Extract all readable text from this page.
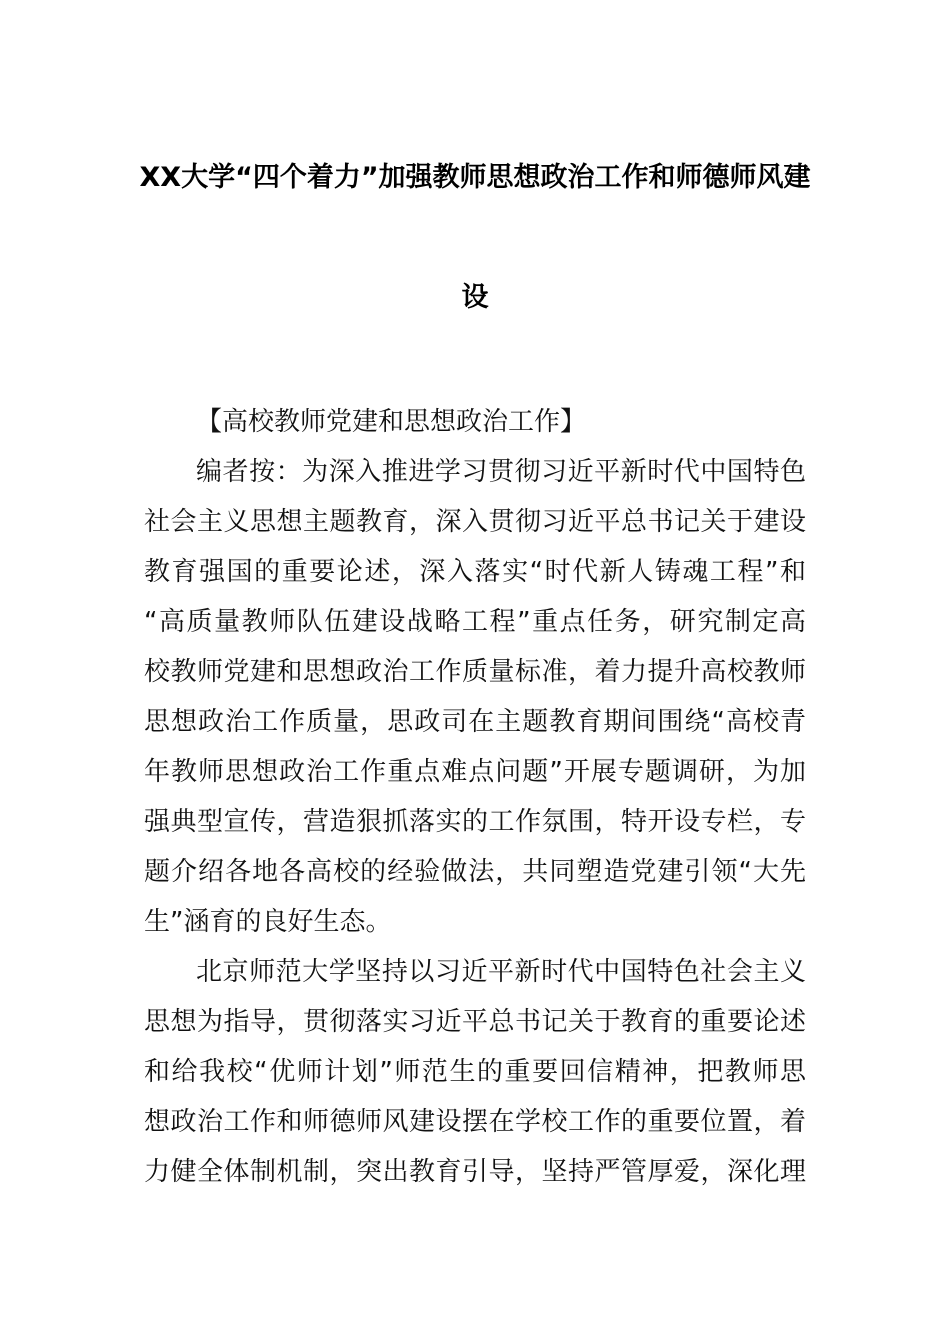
XX大学“四个着力”加强教师思想政治工作和师德师风建
设
【高校教师党建和思想政治工作】
编者按：为深入推进学习贯彻习近平新时代中国特色
社会主义思想主题教育，深入贯彻习近平总书记关于建设
教育强国的重要论述，深入落实“时代新人铸魂工程”和
“高质量教师队伍建设战略工程”重点任务，研究制定高
校教师党建和思想政治工作质量标准，着力提升高校教师
思想政治工作质量，思政司在主题教育期间围绕“高校青
年教师思想政治工作重点难点问题”开展专题调研，为加
强典型宣传，营造狠抓落实的工作氛围，特开设专栏，专
题介绍各地各高校的经验做法，共同塑造党建引领“大先
生”涵育的良好生态。
北京师范大学坚持以习近平新时代中国特色社会主义
思想为指导，贯彻落实习近平总书记关于教育的重要论述
和给我校“优师计划”师范生的重要回信精神，把教师思
想政治工作和师德师风建设摆在学校工作的重要位置，着
力健全体制机制，突出教育引导，坚持严管厚爱，深化理
